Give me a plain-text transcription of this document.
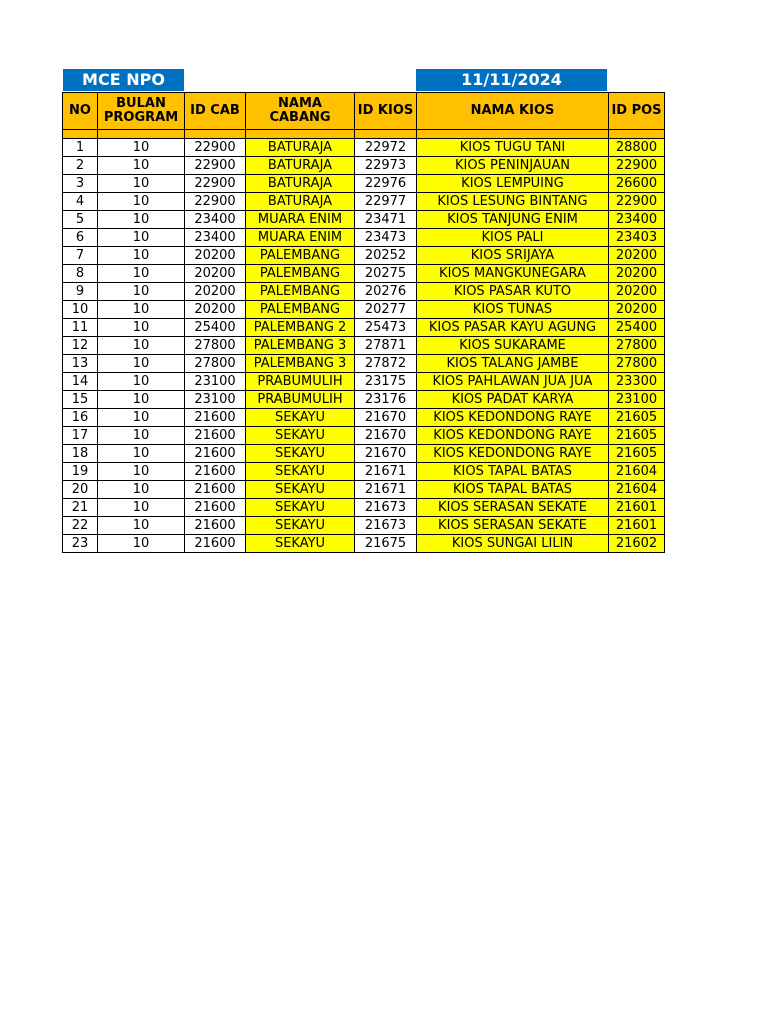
MCE NPO	11/11/2024
NO	BULAN PROGRAM	ID CAB	NAMA CABANG	ID KIOS	NAMA KIOS	ID POS

1	10	22900	BATURAJA	22972	KIOS TUGU TANI	28800
2	10	22900	BATURAJA	22973	KIOS PENINJAUAN	22900
3	10	22900	BATURAJA	22976	KIOS LEMPUING	26600
4	10	22900	BATURAJA	22977	KIOS LESUNG BINTANG	22900
5	10	23400	MUARA ENIM	23471	KIOS TANJUNG ENIM	23400
6	10	23400	MUARA ENIM	23473	KIOS PALI	23403
7	10	20200	PALEMBANG	20252	KIOS SRIJAYA	20200
8	10	20200	PALEMBANG	20275	KIOS MANGKUNEGARA	20200
9	10	20200	PALEMBANG	20276	KIOS PASAR KUTO	20200
10	10	20200	PALEMBANG	20277	KIOS TUNAS	20200
11	10	25400	PALEMBANG 2	25473	KIOS PASAR KAYU AGUNG	25400
12	10	27800	PALEMBANG 3	27871	KIOS SUKARAME	27800
13	10	27800	PALEMBANG 3	27872	KIOS TALANG JAMBE	27800
14	10	23100	PRABUMULIH	23175	KIOS PAHLAWAN JUA JUA	23300
15	10	23100	PRABUMULIH	23176	KIOS PADAT KARYA	23100
16	10	21600	SEKAYU	21670	KIOS KEDONDONG RAYE	21605
17	10	21600	SEKAYU	21670	KIOS KEDONDONG RAYE	21605
18	10	21600	SEKAYU	21670	KIOS KEDONDONG RAYE	21605
19	10	21600	SEKAYU	21671	KIOS TAPAL BATAS	21604
20	10	21600	SEKAYU	21671	KIOS TAPAL BATAS	21604
21	10	21600	SEKAYU	21673	KIOS SERASAN SEKATE	21601
22	10	21600	SEKAYU	21673	KIOS SERASAN SEKATE	21601
23	10	21600	SEKAYU	21675	KIOS SUNGAI LILIN	21602
